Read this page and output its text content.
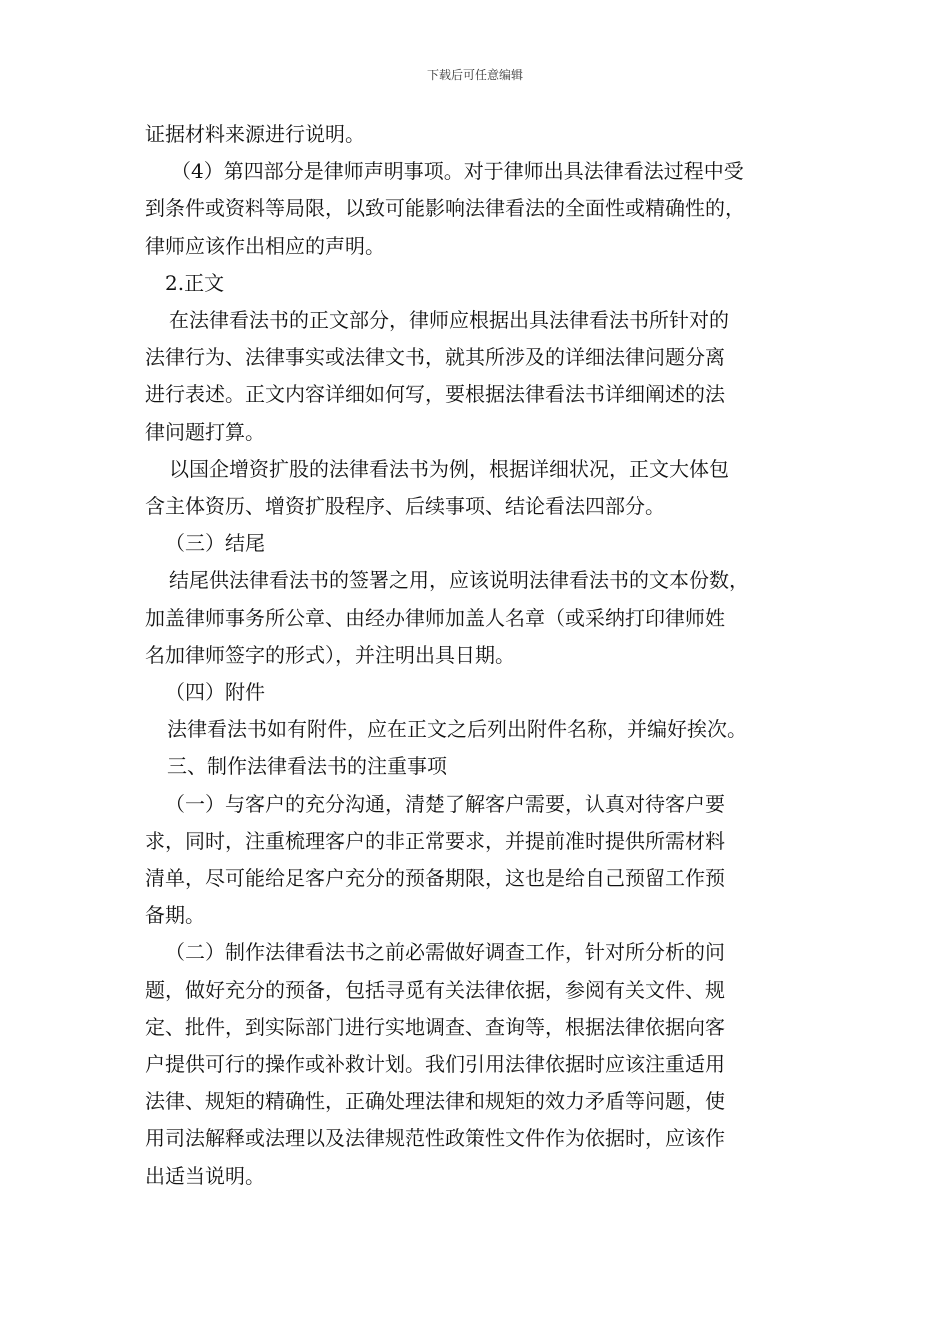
下载后可任意编辑

证据材料来源进行说明。

（4）第四部分是律师声明事项。对于律师出具法律看法过程中受

到条件或资料等局限，以致可能影响法律看法的全面性或精确性的，

律师应该作出相应的声明。

2.正文

在法律看法书的正文部分，律师应根据出具法律看法书所针对的

法律行为、法律事实或法律文书，就其所涉及的详细法律问题分离

进行表述。正文内容详细如何写，要根据法律看法书详细阐述的法

律问题打算。

以国企增资扩股的法律看法书为例，根据详细状况，正文大体包

含主体资历、增资扩股程序、后续事项、结论看法四部分。

（三）结尾

结尾供法律看法书的签署之用，应该说明法律看法书的文本份数，

加盖律师事务所公章、由经办律师加盖人名章（或采纳打印律师姓

名加律师签字的形式），并注明出具日期。

（四）附件

法律看法书如有附件，应在正文之后列出附件名称，并编好挨次。

三、制作法律看法书的注重事项

（一）与客户的充分沟通，清楚了解客户需要，认真对待客户要

求，同时，注重梳理客户的非正常要求，并提前准时提供所需材料

清单，尽可能给足客户充分的预备期限，这也是给自己预留工作预

备期。

（二）制作法律看法书之前必需做好调查工作，针对所分析的问

题，做好充分的预备，包括寻觅有关法律依据，参阅有关文件、规

定、批件，到实际部门进行实地调查、查询等，根据法律依据向客

户提供可行的操作或补救计划。我们引用法律依据时应该注重适用

法律、规矩的精确性，正确处理法律和规矩的效力矛盾等问题，使

用司法解释或法理以及法律规范性政策性文件作为依据时，应该作

出适当说明。
